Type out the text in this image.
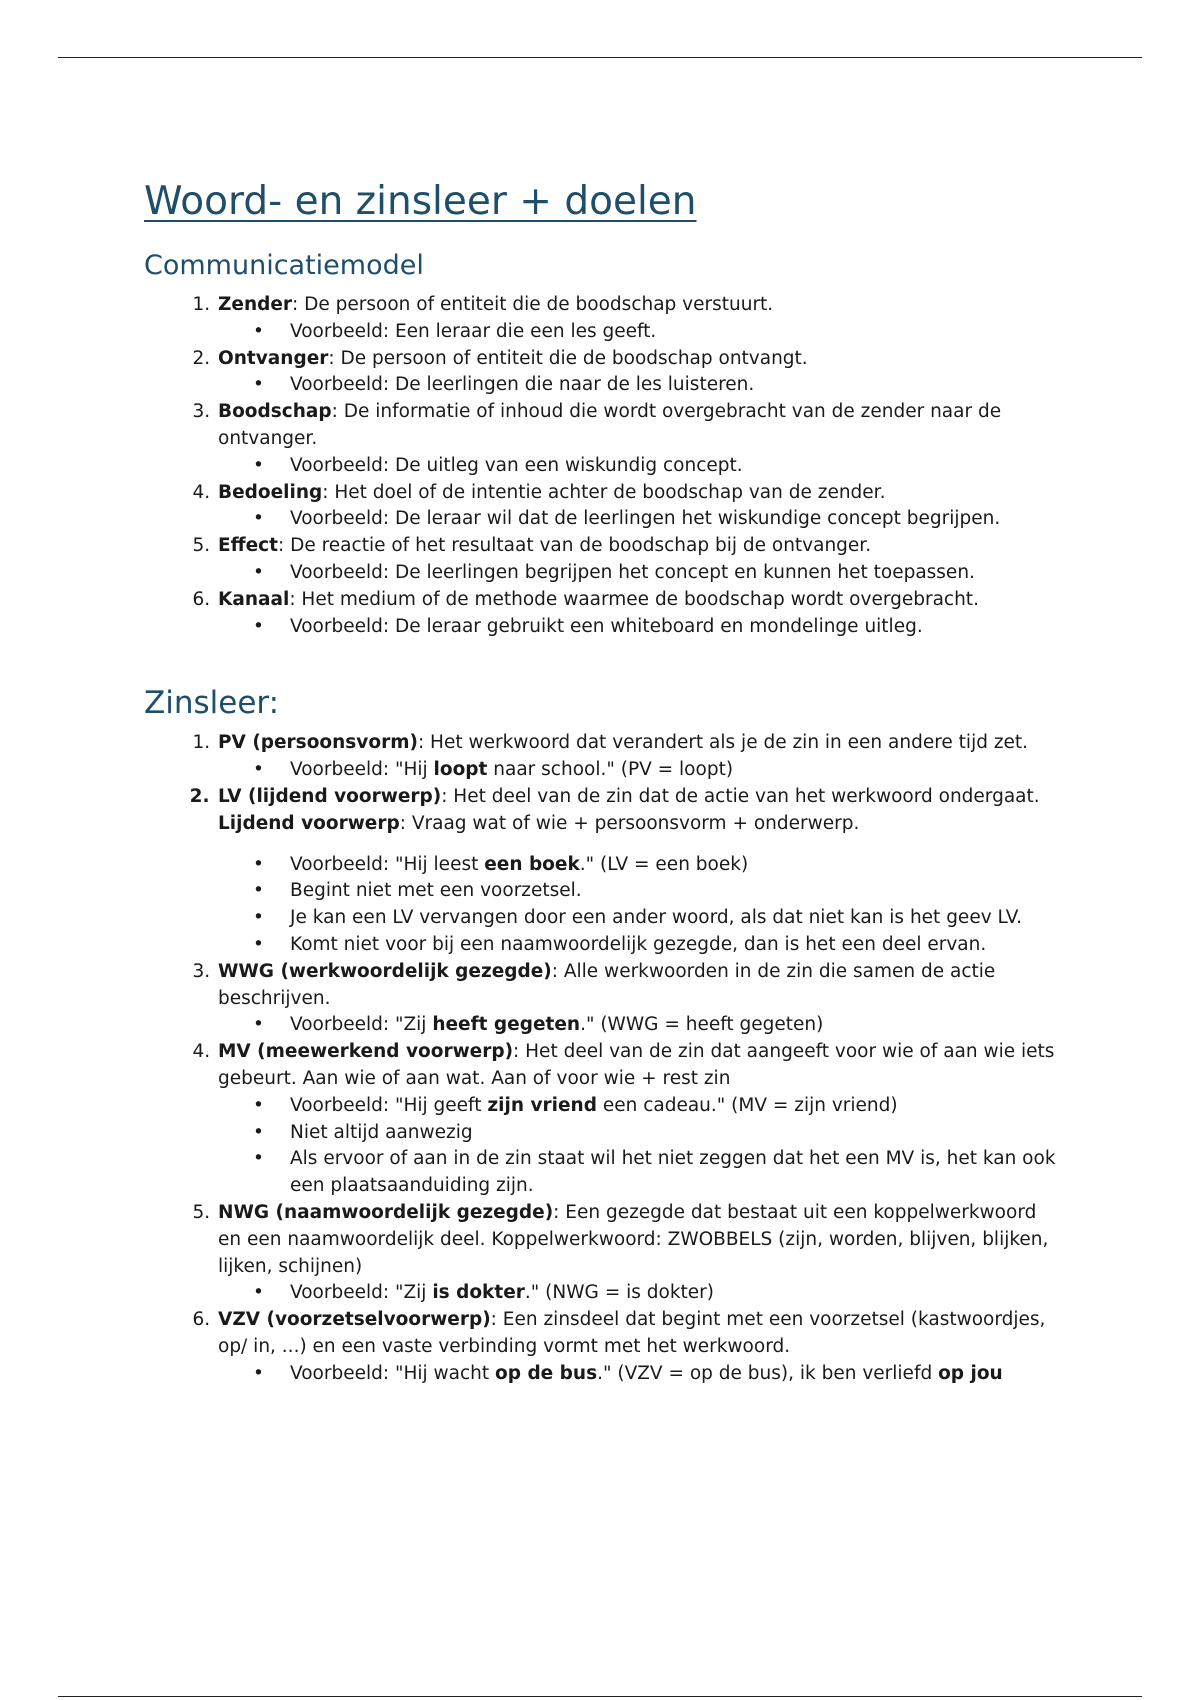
Woord- en zinsleer + doelen
Communicatiemodel
1. Zender: De persoon of entiteit die de boodschap verstuurt.
• Voorbeeld: Een leraar die een les geeft.
2. Ontvanger: De persoon of entiteit die de boodschap ontvangt.
• Voorbeeld: De leerlingen die naar de les luisteren.
3. Boodschap: De informatie of inhoud die wordt overgebracht van de zender naar de ontvanger.
• Voorbeeld: De uitleg van een wiskundig concept.
4. Bedoeling: Het doel of de intentie achter de boodschap van de zender.
• Voorbeeld: De leraar wil dat de leerlingen het wiskundige concept begrijpen.
5. Effect: De reactie of het resultaat van de boodschap bij de ontvanger.
• Voorbeeld: De leerlingen begrijpen het concept en kunnen het toepassen.
6. Kanaal: Het medium of de methode waarmee de boodschap wordt overgebracht.
• Voorbeeld: De leraar gebruikt een whiteboard en mondelinge uitleg.
Zinsleer:
1. PV (persoonsvorm): Het werkwoord dat verandert als je de zin in een andere tijd zet.
• Voorbeeld: "Hij loopt naar school." (PV = loopt)
2. LV (lijdend voorwerp): Het deel van de zin dat de actie van het werkwoord ondergaat.
Lijdend voorwerp: Vraag wat of wie + persoonsvorm + onderwerp.
• Voorbeeld: "Hij leest een boek." (LV = een boek)
• Begint niet met een voorzetsel.
• Je kan een LV vervangen door een ander woord, als dat niet kan is het geev LV.
• Komt niet voor bij een naamwoordelijk gezegde, dan is het een deel ervan.
3. WWG (werkwoordelijk gezegde): Alle werkwoorden in de zin die samen de actie beschrijven.
• Voorbeeld: "Zij heeft gegeten." (WWG = heeft gegeten)
4. MV (meewerkend voorwerp): Het deel van de zin dat aangeeft voor wie of aan wie iets gebeurt. Aan wie of aan wat. Aan of voor wie + rest zin
• Voorbeeld: "Hij geeft zijn vriend een cadeau." (MV = zijn vriend)
• Niet altijd aanwezig
• Als ervoor of aan in de zin staat wil het niet zeggen dat het een MV is, het kan ook een plaatsaanduiding zijn.
5. NWG (naamwoordelijk gezegde): Een gezegde dat bestaat uit een koppelwerkwoord en een naamwoordelijk deel. Koppelwerkwoord: ZWOBBELS (zijn, worden, blijven, blijken, lijken, schijnen)
• Voorbeeld: "Zij is dokter." (NWG = is dokter)
6. VZV (voorzetselvoorwerp): Een zinsdeel dat begint met een voorzetsel (kastwoordjes, op/ in, ...) en een vaste verbinding vormt met het werkwoord.
• Voorbeeld: "Hij wacht op de bus." (VZV = op de bus), ik ben verliefd op jou
